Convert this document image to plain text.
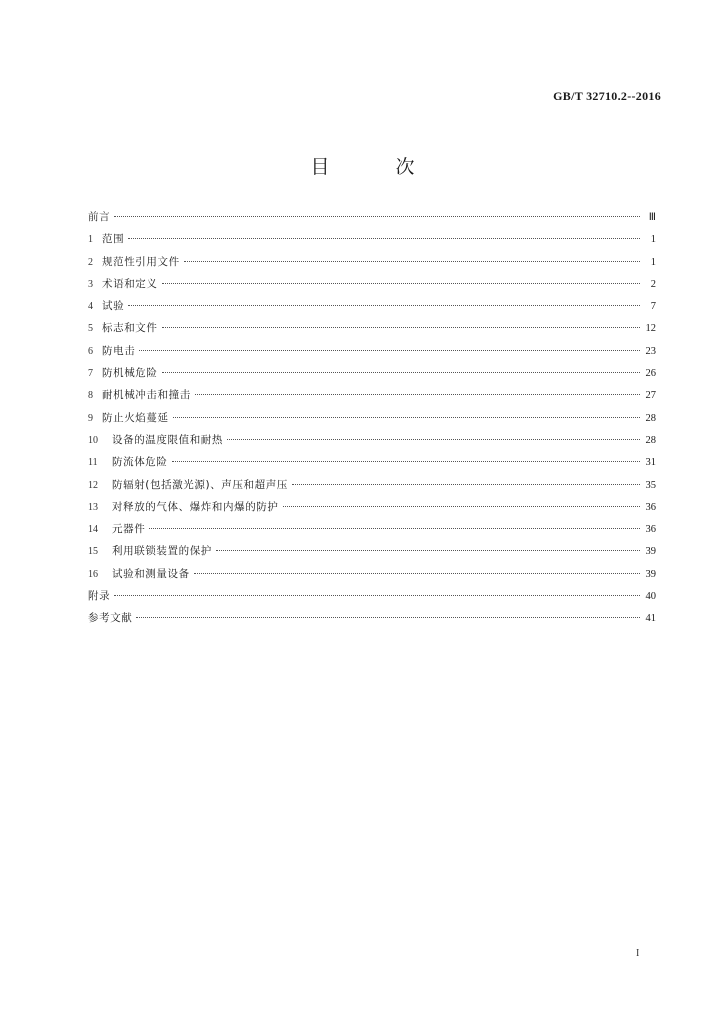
GB/T 32710.2--2016
目 次
前言	Ⅲ
1 范围	1
2 规范性引用文件	1
3 术语和定义	2
4 试验	7
5 标志和文件	12
6 防电击	23
7 防机械危险	26
8 耐机械冲击和撞击	27
9 防止火焰蔓延	28
10	设备的温度限值和耐热	28
11	防流体危险	31
12	防辐射(包括激光源)、声压和超声压	35
13	对释放的气体、爆炸和内爆的防护	36
14	元器件	36
15	利用联锁装置的保护	39
16	试验和测量设备	39
附录	40
参考文献	41
I
